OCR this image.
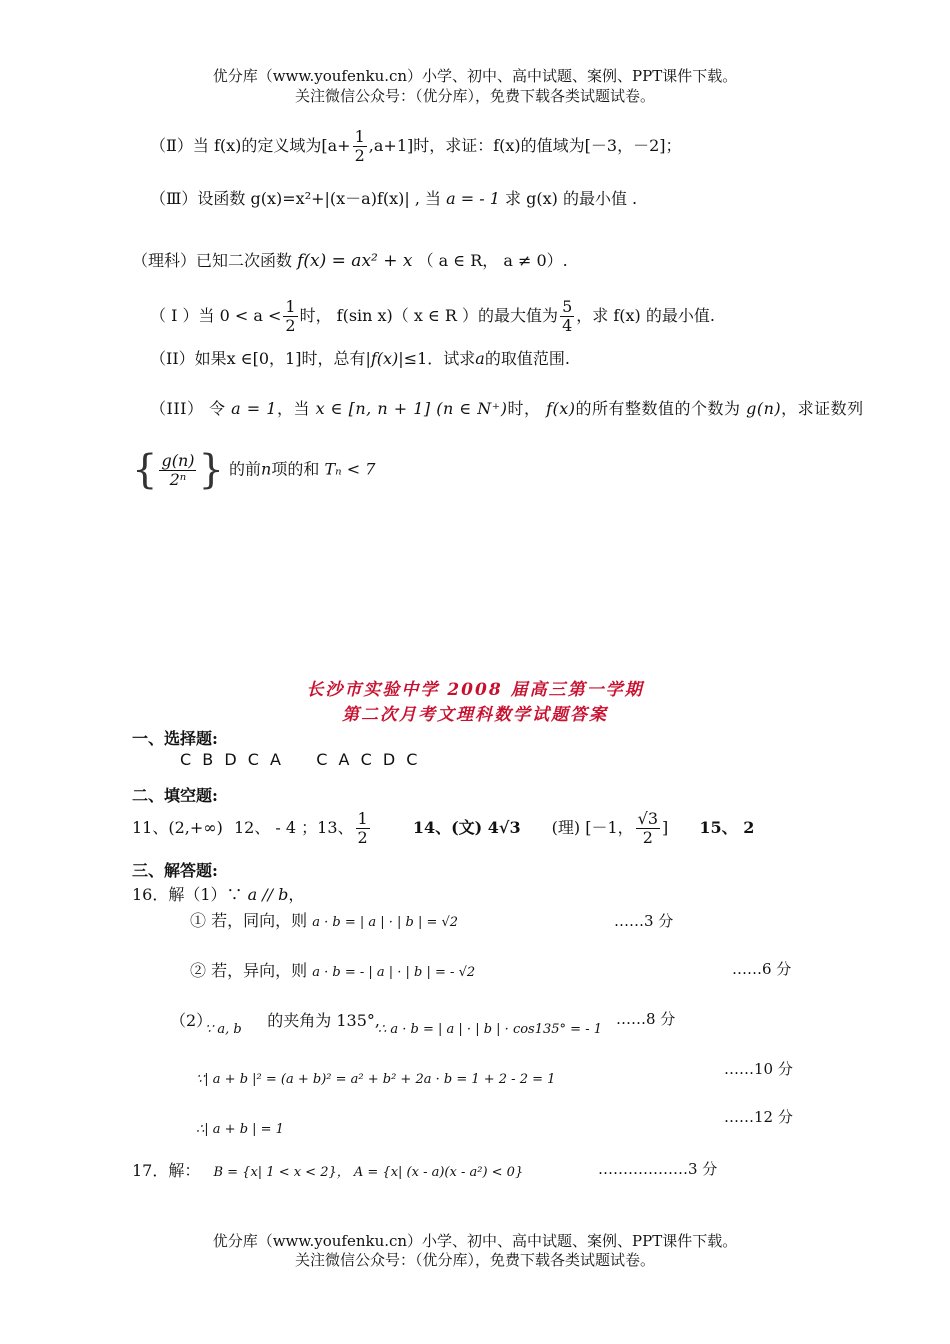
优分库（www.youfenku.cn）小学、初中、高中试题、案例、PPT课件下载。
关注微信公众号：（优分库），免费下载各类试题试卷。
（Ⅱ）当 f(x)的定义域为$[a+ \frac{1}{2} ,a+1]$时，求证：f(x)的值域为[－3，－2]；
（Ⅲ）设函数 g(x)=x²+|(x－a)f(x)| , 当 a = - 1 求 g(x) 的最小值 .
（理科）已知二次函数 f(x) = ax² + x （ a ∈ R， a ≠ 0）.
（ I ）当 $0 < a < \frac{1}{2}$ 时， f(sin x)（ x ∈ R ）的最大值为 $\frac{5}{4}$ ，求 f(x) 的最小值.
（II）如果x ∈[0，1]时，总有|f(x)|≤1．试求a的取值范围.
（III） 令 a = 1，当 x ∈ [n, n + 1] (n ∈ N⁺)时， f(x)的所有整数值的个数为 g(n)，求证数列
{ $\frac{g(n)}{\text{2ⁿ}}$ } 的前n项的和 Tₙ < 7
长沙市实验中学 2008 届高三第一学期
第二次月考文理科数学试题答案
一、选择题:
C B D C A    C A C D C
二、填空题:
11、(2,+∞) 12、 - 4 ；13、 $\frac{1}{2}$	14、(文) 4√3 (理) [－1， $\frac{√3}{2}$ ] 15、 2
三、解答题:
16．解（1）∵ a // b，
① 若，同向，则 a · b = | a | · | b | = √2	……3 分
② 若，异向，则 a · b = - | a | · | b | = - √2	……6 分
（2）	的夹角为 135°,
∵ a, b	∴ a · b = | a | · | b | · cos135° = - 1
……8 分
∵| a + b |² = (a + b)² = a² + b² + 2a · b = 1 + 2 - 2 = 1
……10 分
∴| a + b | = 1
……12 分
17．解： B = {x| 1 < x < 2}， A = {x| (x - a)(x - a²) < 0}	………………3 分
优分库（www.youfenku.cn）小学、初中、高中试题、案例、PPT课件下载。
关注微信公众号：（优分库），免费下载各类试题试卷。
